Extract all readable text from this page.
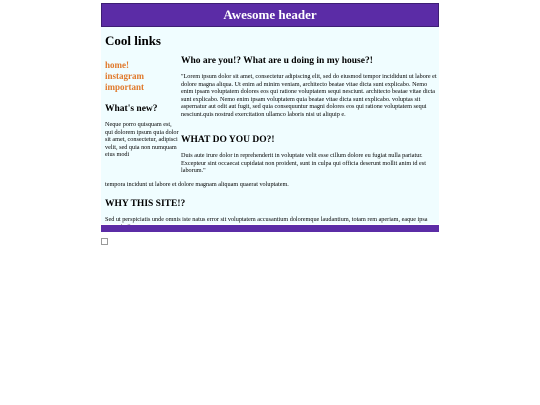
Awesome header
Cool links
home!
instagram
important
What's new?

Neque porro quisquam est, qui dolorem ipsum quia dolor sit amet, consectetur, adipisci velit, sed quia non numquam eius modi

Who are you!? What are u doing in my house?!

"Lorem ipsum dolor sit amet, consectetur adipiscing elit, sed do eiusmod tempor incididunt ut labore et dolore magna aliqua. Ut enim ad minim veniam, architecto beatae vitae dicta sunt explicabo. Nemo enim ipsam voluptatem dolores eos qui ratione voluptatem sequi nesciunt. architecto beatae vitae dicta sunt explicabo. Nemo enim ipsam voluptatem quia beatae vitae dicta sunt explicabo. voluptas sit aspernatur aut odit aut fugit, sed quia consequuntur magni dolores eos qui ratione voluptatem sequi nesciunt.quis nostrud exercitation ullamco laboris nisi ut aliquip e.

WHAT DO YOU DO?!

Duis aute irure dolor in reprehenderit in voluptate velit esse cillum dolore eu fugiat nulla pariatur. Excepteur sint occaecat cupidatat non proident, sunt in culpa qui officia deserunt mollit anim id est laborum."

tempora incidunt ut labore et dolore magnam aliquam quaerat voluptatem.

WHY THIS SITE!?

Sed ut perspiciatis unde omnis iste natus error sit voluptatem accusantium doloremque laudantium, totam rem aperiam, eaque ipsa
